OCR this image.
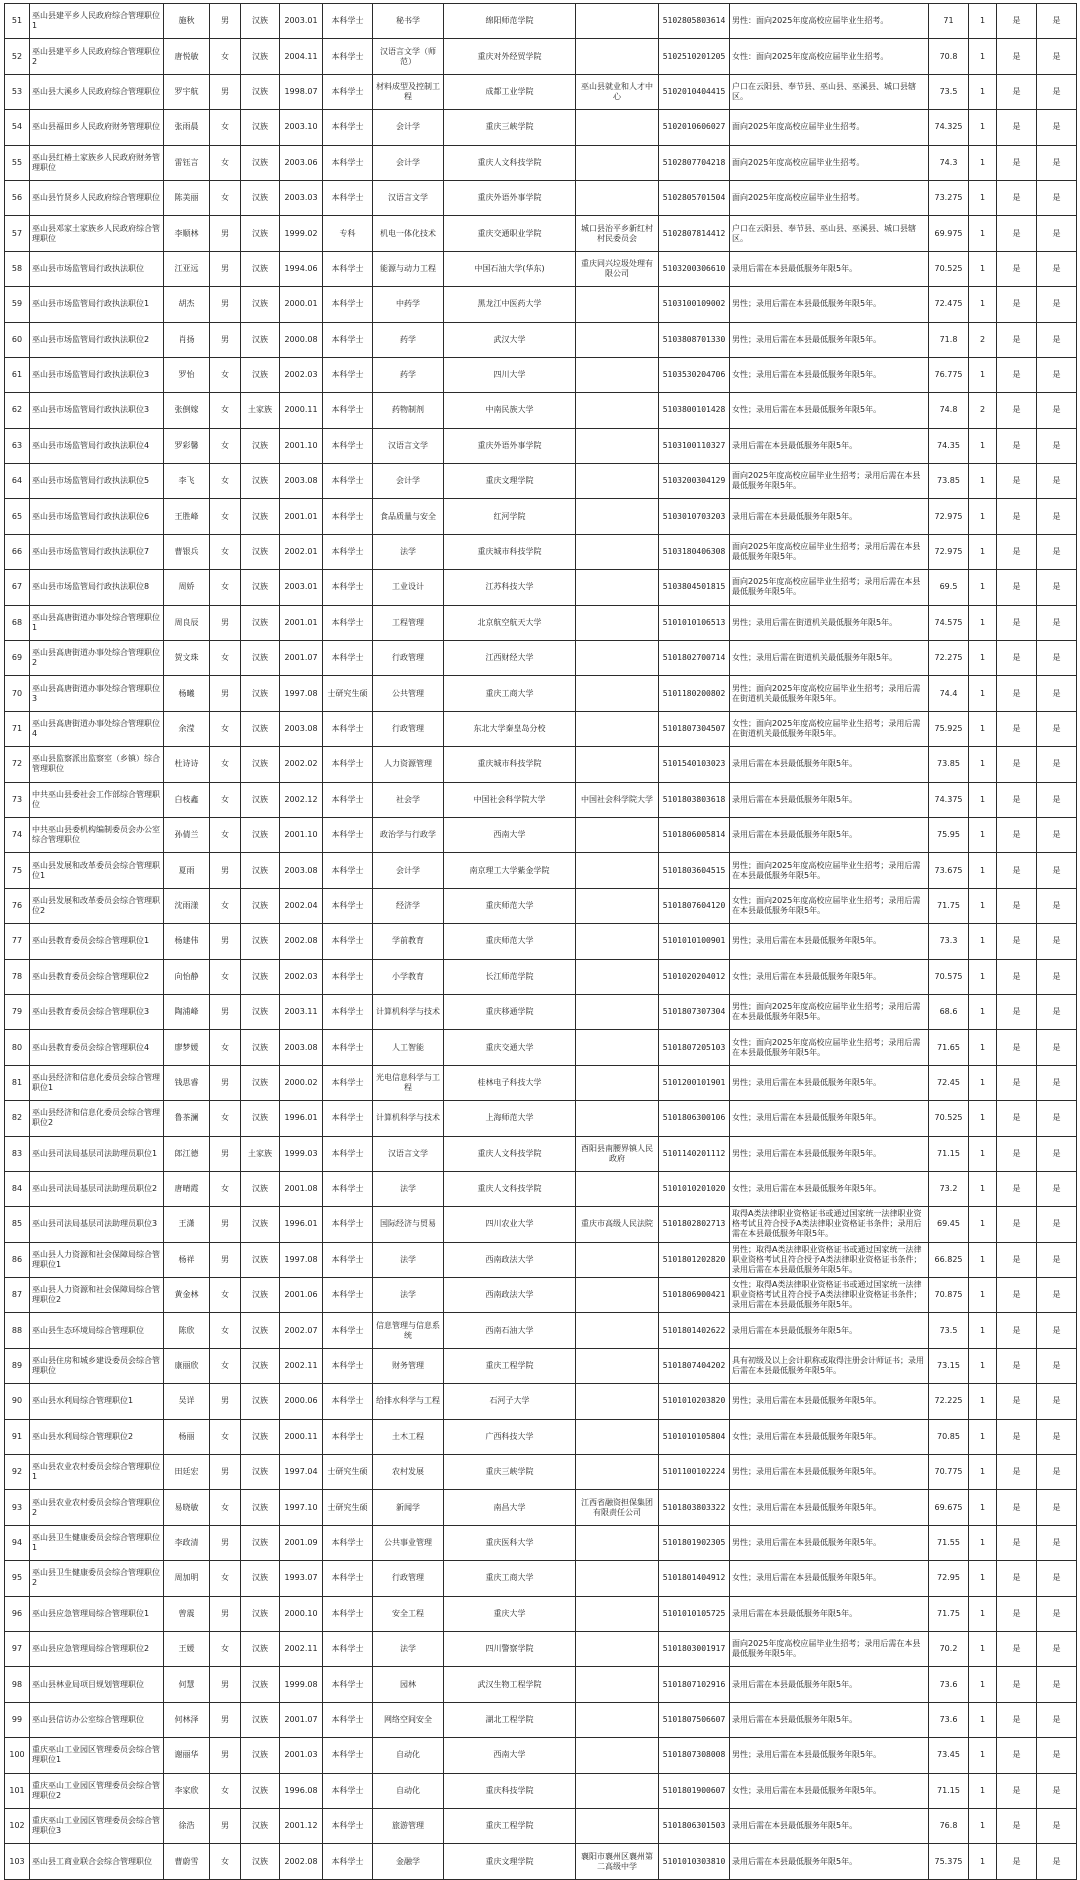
51	巫山县建平乡人民政府综合管理职位1	施秋	男	汉族	2003.01	本科学士	秘书学	绵阳师范学院		5102805803614	男性：面向2025年度高校应届毕业生招考。	71	1	是	是
52	巫山县建平乡人民政府综合管理职位2	唐悦敏	女	汉族	2004.11	本科学士	汉语言文学（师范）	重庆对外经贸学院		5102510201205	女性：面向2025年度高校应届毕业生招考。	70.8	1	是	是
53	巫山县大溪乡人民政府综合管理职位	罗宇航	男	汉族	1998.07	本科学士	材料成型及控制工程	成都工业学院	巫山县就业和人才中心	5102010404415	户口在云阳县、奉节县、巫山县、巫溪县、城口县辖区。	73.5	1	是	是
54	巫山县福田乡人民政府财务管理职位	张雨晨	女	汉族	2003.10	本科学士	会计学	重庆三峡学院		5102010606027	面向2025年度高校应届毕业生招考。	74.325	1	是	是
55	巫山县红椿土家族乡人民政府财务管理职位	雷钰言	女	汉族	2003.06	本科学士	会计学	重庆人文科技学院		5102807704218	面向2025年度高校应届毕业生招考。	74.3	1	是	是
56	巫山县竹贤乡人民政府综合管理职位	陈美丽	女	汉族	2003.03	本科学士	汉语言文学	重庆外语外事学院		5102805701504	面向2025年度高校应届毕业生招考。	73.275	1	是	是
57	巫山县邓家土家族乡人民政府综合管理职位	李顺林	男	汉族	1999.02	专科	机电一体化技术	重庆交通职业学院	城口县治平乡新红村村民委员会	5102807814412	户口在云阳县、奉节县、巫山县、巫溪县、城口县辖区。	69.975	1	是	是
58	巫山县市场监管局行政执法职位	江亚远	男	汉族	1994.06	本科学士	能源与动力工程	中国石油大学(华东)	重庆同兴垃圾处理有限公司	5103200306610	录用后需在本县最低服务年限5年。	70.525	1	是	是
59	巫山县市场监管局行政执法职位1	胡杰	男	汉族	2000.01	本科学士	中药学	黑龙江中医药大学		5103100109002	男性；录用后需在本县最低服务年限5年。	72.475	1	是	是
60	巫山县市场监管局行政执法职位2	肖扬	男	汉族	2000.08	本科学士	药学	武汉大学		5103808701330	男性；录用后需在本县最低服务年限5年。	71.8	2	是	是
61	巫山县市场监管局行政执法职位3	罗怡	女	汉族	2002.03	本科学士	药学	四川大学		5103530204706	女性；录用后需在本县最低服务年限5年。	76.775	1	是	是
62	巫山县市场监管局行政执法职位3	张倒嫁	女	土家族	2000.11	本科学士	药物制剂	中南民族大学		5103800101428	女性；录用后需在本县最低服务年限5年。	74.8	2	是	是
63	巫山县市场监管局行政执法职位4	罗彩馨	女	汉族	2001.10	本科学士	汉语言文学	重庆外语外事学院		5103100110327	录用后需在本县最低服务年限5年。	74.35	1	是	是
64	巫山县市场监管局行政执法职位5	李飞	女	汉族	2003.08	本科学士	会计学	重庆文理学院		5103200304129	面向2025年度高校应届毕业生招考；录用后需在本县最低服务年限5年。	73.85	1	是	是
65	巫山县市场监管局行政执法职位6	王胜峰	女	汉族	2001.01	本科学士	食品质量与安全	红河学院		5103010703203	录用后需在本县最低服务年限5年。	72.975	1	是	是
66	巫山县市场监管局行政执法职位7	曹银兵	女	汉族	2002.01	本科学士	法学	重庆城市科技学院		5103180406308	面向2025年度高校应届毕业生招考；录用后需在本县最低服务年限5年。	72.975	1	是	是
67	巫山县市场监管局行政执法职位8	周娇	女	汉族	2003.01	本科学士	工业设计	江苏科技大学		5103804501815	面向2025年度高校应届毕业生招考；录用后需在本县最低服务年限5年。	69.5	1	是	是
68	巫山县高唐街道办事处综合管理职位1	周良辰	男	汉族	2001.01	本科学士	工程管理	北京航空航天大学		5101010106513	男性；录用后需在街道机关最低服务年限5年。	74.575	1	是	是
69	巫山县高唐街道办事处综合管理职位2	贺文珠	女	汉族	2001.07	本科学士	行政管理	江西财经大学		5101802700714	女性；录用后需在街道机关最低服务年限5年。	72.275	1	是	是
70	巫山县高唐街道办事处综合管理职位3	杨曦	男	汉族	1997.08	士研究生硕	公共管理	重庆工商大学		5101180200802	男性；面向2025年度高校应届毕业生招考；录用后需在街道机关最低服务年限5年。	74.4	1	是	是
71	巫山县高唐街道办事处综合管理职位4	余滢	女	汉族	2003.08	本科学士	行政管理	东北大学秦皇岛分校		5101807304507	女性；面向2025年度高校应届毕业生招考；录用后需在街道机关最低服务年限5年。	75.925	1	是	是
72	巫山县监察派出监察室（乡镇）综合管理职位	杜诗诗	女	汉族	2002.02	本科学士	人力资源管理	重庆城市科技学院		5101540103023	录用后需在本县最低服务年限5年。	73.85	1	是	是
73	中共巫山县委社会工作部综合管理职位	白枝鑫	女	汉族	2002.12	本科学士	社会学	中国社会科学院大学	中国社会科学院大学	5101803803618	录用后需在本县最低服务年限5年。	74.375	1	是	是
74	中共巫山县委机构编制委员会办公室综合管理职位	孙倩兰	女	汉族	2001.10	本科学士	政治学与行政学	西南大学		5101806005814	录用后需在本县最低服务年限5年。	75.95	1	是	是
75	巫山县发展和改革委员会综合管理职位1	夏雨	男	汉族	2003.08	本科学士	会计学	南京理工大学紫金学院		5101803604515	男性；面向2025年度高校应届毕业生招考；录用后需在本县最低服务年限5年。	73.675	1	是	是
76	巫山县发展和改革委员会综合管理职位2	沈雨漾	女	汉族	2002.04	本科学士	经济学	重庆师范大学		5101807604120	女性；面向2025年度高校应届毕业生招考；录用后需在本县最低服务年限5年。	71.75	1	是	是
77	巫山县教育委员会综合管理职位1	杨建伟	男	汉族	2002.08	本科学士	学前教育	重庆师范大学		5101010100901	男性；录用后需在本县最低服务年限5年。	73.3	1	是	是
78	巫山县教育委员会综合管理职位2	向怡静	女	汉族	2002.03	本科学士	小学教育	长江师范学院		5101020204012	女性；录用后需在本县最低服务年限5年。	70.575	1	是	是
79	巫山县教育委员会综合管理职位3	陶浦峰	男	汉族	2003.11	本科学士	计算机科学与技术	重庆移通学院		5101807307304	男性；面向2025年度高校应届毕业生招考；录用后需在本县最低服务年限5年。	68.6	1	是	是
80	巫山县教育委员会综合管理职位4	廖梦媛	女	汉族	2003.08	本科学士	人工智能	重庆交通大学		5101807205103	女性；面向2025年度高校应届毕业生招考；录用后需在本县最低服务年限5年。	71.65	1	是	是
81	巫山县经济和信息化委员会综合管理职位1	钱思睿	男	汉族	2000.02	本科学士	光电信息科学与工程	桂林电子科技大学		5101200101901	男性；录用后需在本县最低服务年限5年。	72.45	1	是	是
82	巫山县经济和信息化委员会综合管理职位2	鲁茶澜	女	汉族	1996.01	本科学士	计算机科学与技术	上海师范大学		5101806300106	女性；录用后需在本县最低服务年限5年。	70.525	1	是	是
83	巫山县司法局基层司法助理员职位1	郎江德	男	土家族	1999.03	本科学士	汉语言文学	重庆人文科技学院	酉阳县南腰界镇人民政府	5101140201112	男性；录用后需在本县最低服务年限5年。	71.15	1	是	是
84	巫山县司法局基层司法助理员职位2	唐晴霞	女	汉族	2001.08	本科学士	法学	重庆人文科技学院		5101010201020	女性；录用后需在本县最低服务年限5年。	73.2	1	是	是
85	巫山县司法局基层司法助理员职位3	王潇	男	汉族	1996.01	本科学士	国际经济与贸易	四川农业大学	重庆市高级人民法院	5101802802713	取得A类法律职业资格证书或通过国家统一法律职业资格考试且符合授予A类法律职业资格证书条件；录用后需在本县最低服务年限5年。	69.45	1	是	是
86	巫山县人力资源和社会保障局综合管理职位1	杨祥	男	汉族	1997.08	本科学士	法学	西南政法大学		5101801202820	男性；取得A类法律职业资格证书或通过国家统一法律职业资格考试且符合授予A类法律职业资格证书条件；录用后需在本县最低服务年限5年。	66.825	1	是	是
87	巫山县人力资源和社会保障局综合管理职位2	黄金林	女	汉族	2001.06	本科学士	法学	西南政法大学		5101806900421	女性；取得A类法律职业资格证书或通过国家统一法律职业资格考试且符合授予A类法律职业资格证书条件；录用后需在本县最低服务年限5年。	70.875	1	是	是
88	巫山县生态环境局综合管理职位	陈欣	女	汉族	2002.07	本科学士	信息管理与信息系统	西南石油大学		5101801402622	录用后需在本县最低服务年限5年。	73.5	1	是	是
89	巫山县住房和城乡建设委员会综合管理职位	康丽欣	女	汉族	2002.11	本科学士	财务管理	重庆工程学院		5101807404202	具有初级及以上会计职称或取得注册会计师证书；录用后需在本县最低服务年限5年。	73.15	1	是	是
90	巫山县水利局综合管理职位1	吴详	男	汉族	2000.06	本科学士	给排水科学与工程	石河子大学		5101010203820	男性；录用后需在本县最低服务年限5年。	72.225	1	是	是
91	巫山县水利局综合管理职位2	杨丽	女	汉族	2000.11	本科学士	土木工程	广西科技大学		5101010105804	女性；录用后需在本县最低服务年限5年。	70.85	1	是	是
92	巫山县农业农村委员会综合管理职位1	田廷宏	男	汉族	1997.04	士研究生硕	农村发展	重庆三峡学院		5101100102224	男性；录用后需在本县最低服务年限5年。	70.775	1	是	是
93	巫山县农业农村委员会综合管理职位2	易晓敏	女	汉族	1997.10	士研究生硕	新闻学	南昌大学	江西省融资担保集团有限责任公司	5101803803322	女性；录用后需在本县最低服务年限5年。	69.675	1	是	是
94	巫山县卫生健康委员会综合管理职位1	李政清	男	汉族	2001.09	本科学士	公共事业管理	重庆医科大学		5101801902305	男性；录用后需在本县最低服务年限5年。	71.55	1	是	是
95	巫山县卫生健康委员会综合管理职位2	周加明	女	汉族	1993.07	本科学士	行政管理	重庆工商大学		5101801404912	女性；录用后需在本县最低服务年限5年。	72.95	1	是	是
96	巫山县应急管理局综合管理职位1	曾震	男	汉族	2000.10	本科学士	安全工程	重庆大学		5101010105725	录用后需在本县最低服务年限5年。	71.75	1	是	是
97	巫山县应急管理局综合管理职位2	王媛	女	汉族	2002.11	本科学士	法学	四川警察学院		5101803001917	面向2025年度高校应届毕业生招考；录用后需在本县最低服务年限5年。	70.2	1	是	是
98	巫山县林业局项目规划管理职位	何慧	男	汉族	1999.08	本科学士	园林	武汉生物工程学院		5101807102916	录用后需在本县最低服务年限5年。	73.6	1	是	是
99	巫山县信访办公室综合管理职位	何林泽	男	汉族	2001.07	本科学士	网络空间安全	湖北工程学院		5101807506607	录用后需在本县最低服务年限5年。	73.6	1	是	是
100	重庆巫山工业园区管理委员会综合管理职位1	谢丽华	男	汉族	2001.03	本科学士	自动化	西南大学		5101807308008	男性；录用后需在本县最低服务年限5年。	73.45	1	是	是
101	重庆巫山工业园区管理委员会综合管理职位2	李家欣	女	汉族	1996.08	本科学士	自动化	重庆科技学院		5101801900607	女性；录用后需在本县最低服务年限5年。	71.15	1	是	是
102	重庆巫山工业园区管理委员会综合管理职位3	徐浩	男	汉族	2001.12	本科学士	旅游管理	重庆工程学院		5101806301503	录用后需在本县最低服务年限5年。	76.8	1	是	是
103	巫山县工商业联合会综合管理职位	曹蔚雪	女	汉族	2002.08	本科学士	金融学	重庆文理学院	襄阳市襄州区襄州第二高级中学	5101010303810	录用后需在本县最低服务年限5年。	75.375	1	是	是
